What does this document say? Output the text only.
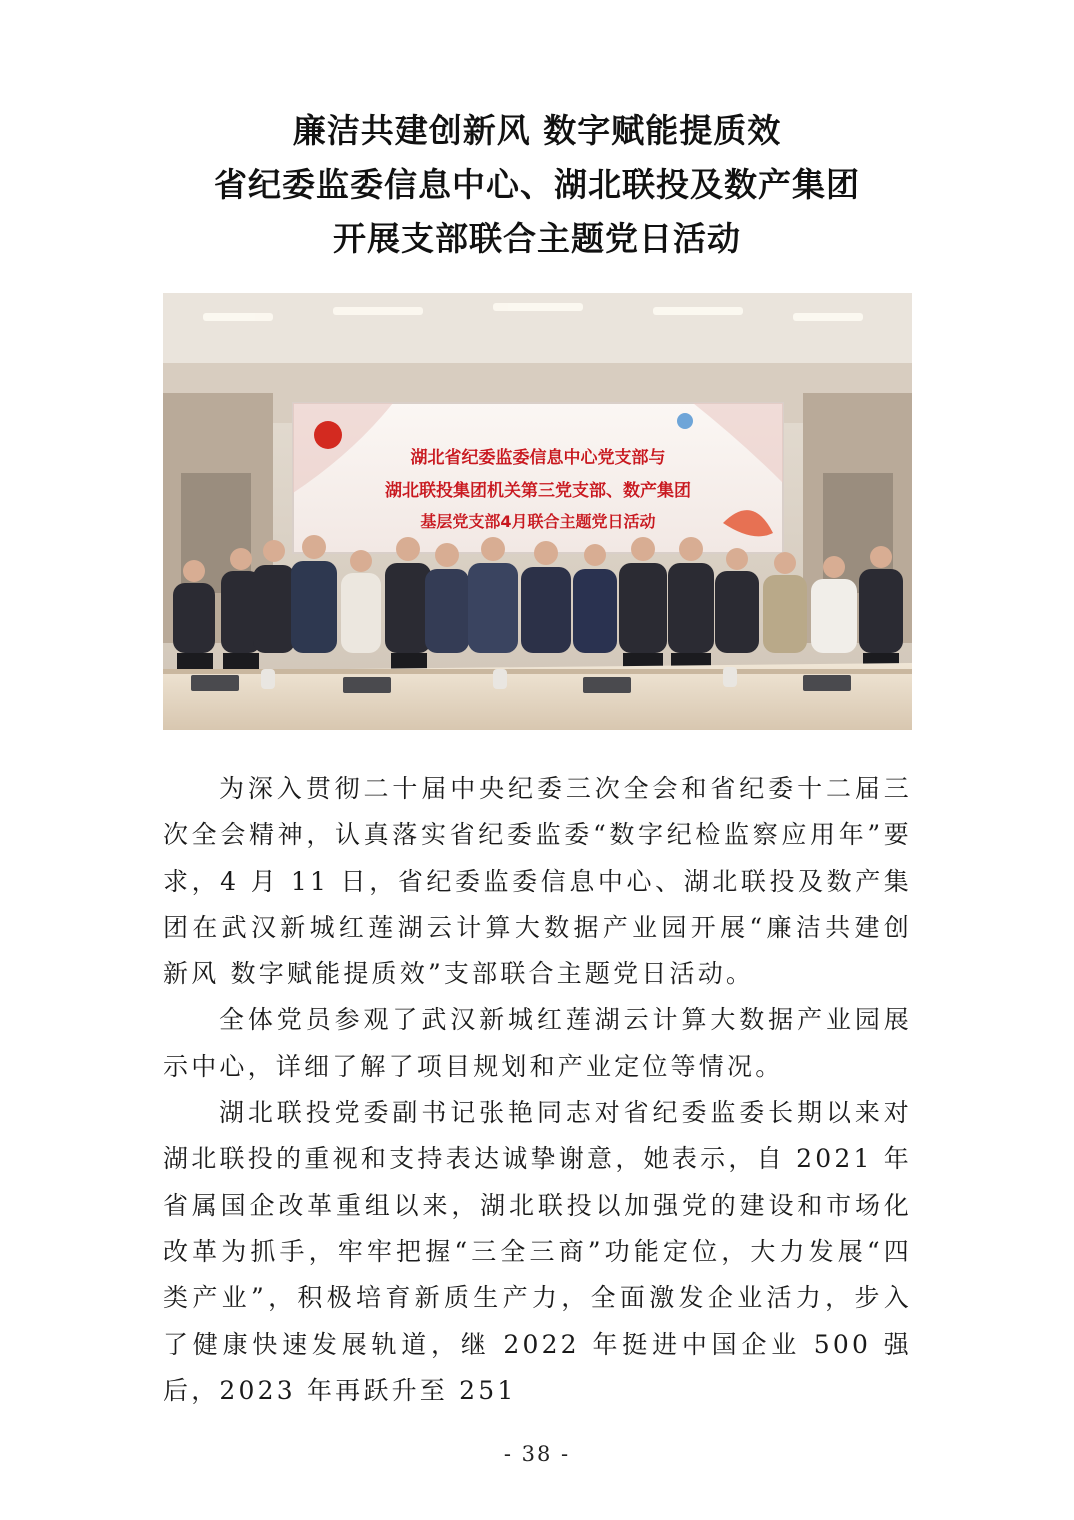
廉洁共建创新风 数字赋能提质效
省纪委监委信息中心、湖北联投及数产集团
开展支部联合主题党日活动
湖北省纪委监委信息中心党支部与
湖北联投集团机关第三党支部、数产集团
基层党支部4月联合主题党日活动

为深入贯彻二十届中央纪委三次全会和省纪委十二届三次全会精神，认真落实省纪委监委“数字纪检监察应用年”要求，4 月 11 日，省纪委监委信息中心、湖北联投及数产集团在武汉新城红莲湖云计算大数据产业园开展“廉洁共建创新风 数字赋能提质效”支部联合主题党日活动。

全体党员参观了武汉新城红莲湖云计算大数据产业园展示中心，详细了解了项目规划和产业定位等情况。

湖北联投党委副书记张艳同志对省纪委监委长期以来对湖北联投的重视和支持表达诚挚谢意，她表示，自 2021 年省属国企改革重组以来，湖北联投以加强党的建设和市场化改革为抓手，牢牢把握“三全三商”功能定位，大力发展“四类产业”，积极培育新质生产力，全面激发企业活力，步入了健康快速发展轨道，继 2022 年挺进中国企业 500 强后，2023 年再跃升至 251

- 38 -
